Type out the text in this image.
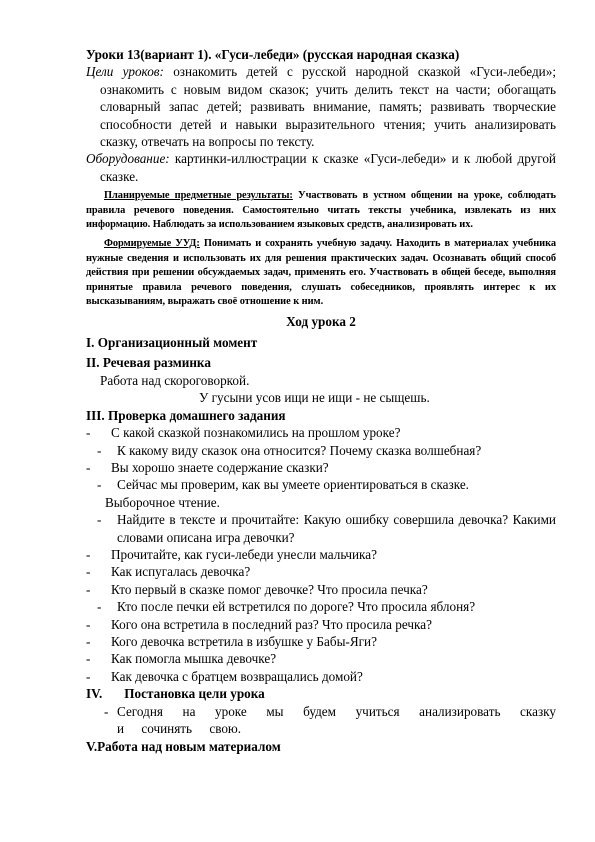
Уроки 13(вариант 1). «Гуси-лебеди» (русская народная сказка)
Цели уроков: ознакомить детей с русской народной сказкой «Гуси-лебеди»; ознакомить с новым видом сказок; учить делить текст на части; обогащать словарный запас детей; развивать внимание, память; развивать творческие способности детей и навыки выразительного чтения; учить анализировать сказку, отвечать на вопросы по тексту.
Оборудование: картинки-иллюстрации к сказке «Гуси-лебеди» и к любой другой сказке.
Планируемые предметные результаты: Участвовать в устном общении на уроке, соблюдать правила речевого поведения. Самостоятельно читать тексты учебника, извлекать из них информацию. Наблюдать за использованием языковых средств, анализировать их.
Формируемые УУД: Понимать и сохранять учебную задачу. Находить в материалах учебника нужные сведения и использовать их для решения практических задач. Осознавать общий способ действия при решении обсуждаемых задач, применять его. Участвовать в общей беседе, выполняя принятые правила речевого поведения, слушать собеседников, проявлять интерес к их высказываниям, выражать своё отношение к ним.
Ход урока 2
I. Организационный момент
II. Речевая разминка
Работа над скороговоркой.
У гусыни усов ищи не ищи - не сыщешь.
III. Проверка домашнего задания
- С какой сказкой познакомились на прошлом уроке?
- К какому виду сказок она относится? Почему сказка волшебная?
- Вы хорошо знаете содержание сказки?
- Сейчас мы проверим, как вы умеете ориентироваться в сказке.
Выборочное чтение.
- Найдите в тексте и прочитайте: Какую ошибку совершила девочка? Какими словами описана игра девочки?
- Прочитайте, как гуси-лебеди унесли мальчика?
- Как испугалась девочка?
- Кто первый в сказке помог девочке? Что просила печка?
- Кто после печки ей встретился по дороге? Что просила яблоня?
- Кого она встретила в последний раз? Что просила речка?
- Кого девочка встретила в избушке у Бабы-Яги?
- Как помогла мышка девочке?
- Как девочка с братцем возвращались домой?
IV. Постановка цели урока
- Сегодня на уроке мы будем учиться анализировать сказку и сочинять свою.
V.Работа над новым материалом
